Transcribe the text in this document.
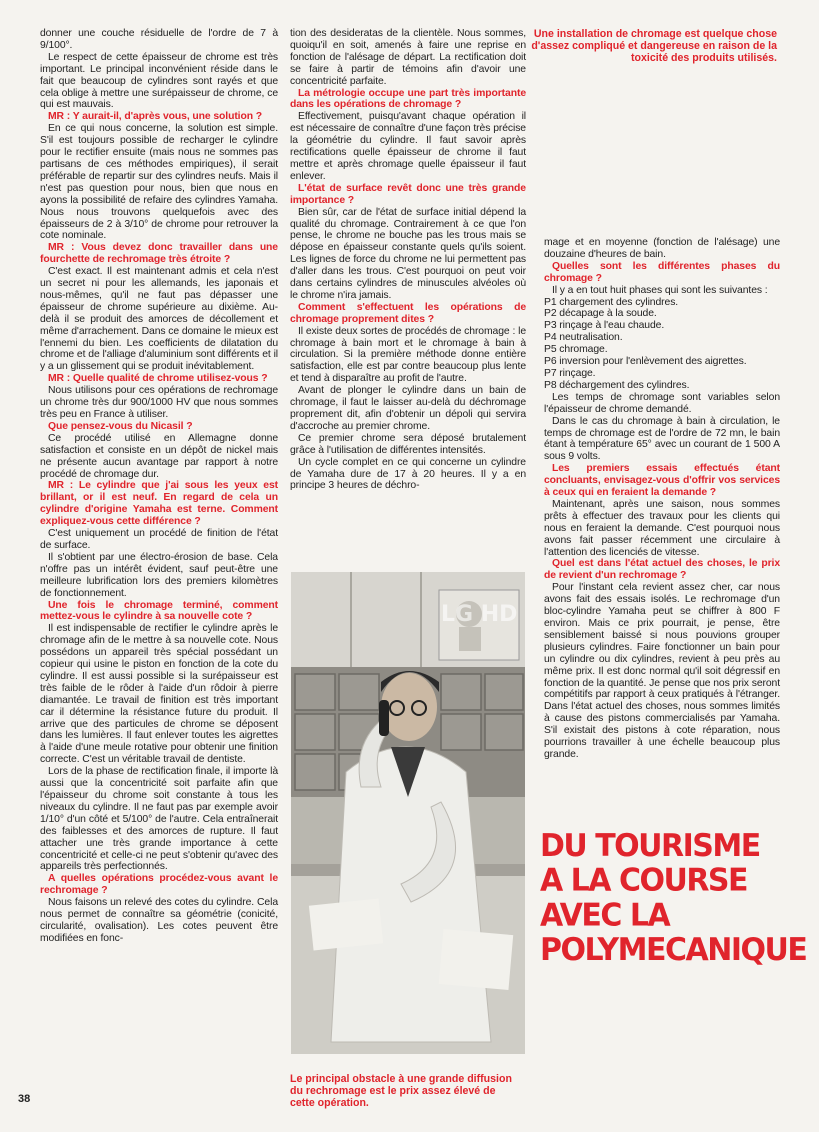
donner une couche résiduelle de l'ordre de 7 à 9/100°.

Le respect de cette épaisseur de chrome est très important. Le principal inconvénient réside dans le fait que beaucoup de cylindres sont rayés et que cela oblige à mettre une surépaisseur de chrome, ce qui est mauvais.

MR : Y aurait-il, d'après vous, une solution ?

En ce qui nous concerne, la solution est simple. S'il est toujours possible de recharger le cylindre pour le rectifier ensuite (mais nous ne sommes pas partisans de ces méthodes empiriques), il serait préférable de repartir sur des cylindres neufs. Mais il n'est pas question pour nous, bien que nous en ayons la possibilité de refaire des cylindres Yamaha. Nous nous trouvons quelquefois avec des épaisseurs de 2 à 3/10° de chrome pour retrouver la cote nominale.

MR : Vous devez donc travailler dans une fourchette de rechromage très étroite ?

C'est exact. Il est maintenant admis et cela n'est un secret ni pour les allemands, les japonais et nous-mêmes, qu'il ne faut pas dépasser une épaisseur de chrome supérieure au dixième. Au-delà il se produit des amorces de décollement et même d'arrachement. Dans ce domaine le mieux est l'ennemi du bien. Les coefficients de dilatation du chrome et de l'alliage d'aluminium sont différents et il y a un glissement qui se produit inévitablement.

MR : Quelle qualité de chrome utilisez-vous ?

Nous utilisons pour ces opérations de rechromage un chrome très dur 900/1000 HV que nous sommes très peu en France à utiliser.

Que pensez-vous du Nicasil ?

Ce procédé utilisé en Allemagne donne satisfaction et consiste en un dépôt de nickel mais ne présente aucun avantage par rapport à notre procédé de chromage dur.

MR : Le cylindre que j'ai sous les yeux est brillant, or il est neuf. En regard de cela un cylindre d'origine Yamaha est terne. Comment expliquez-vous cette différence ?

C'est uniquement un procédé de finition de l'état de surface.

Il s'obtient par une électro-érosion de base. Cela n'offre pas un intérêt évident, sauf peut-être une meilleure lubrification lors des premiers kilomètres de fonctionnement.

Une fois le chromage terminé, comment mettez-vous le cylindre à sa nouvelle cote ?

Il est indispensable de rectifier le cylindre après le chromage afin de le mettre à sa nouvelle cote. Nous possédons un appareil très spécial possédant un copieur qui usine le piston en fonction de la cote du cylindre. Il est aussi possible si la surépaisseur est très faible de le rôder à l'aide d'un rôdoir à pierre diamantée. Le travail de finition est très important car il détermine la résistance future du produit. Il arrive que des particules de chrome se déposent dans les lumières. Il faut enlever toutes les aigrettes à l'aide d'une meule rotative pour obtenir une finition correcte. C'est un véritable travail de dentiste.

Lors de la phase de rectification finale, il importe là aussi que la concentricité soit parfaite afin que l'épaisseur du chrome soit constante à tous les niveaux du cylindre. Il ne faut pas par exemple avoir 1/10° d'un côté et 5/100° de l'autre. Cela entraînerait des faiblesses et des amorces de rupture. Il faut attacher une très grande importance à cette concentricité et celle-ci ne peut s'obtenir qu'avec des appareils très perfectionnés.

A quelles opérations procédez-vous avant le rechromage ?

Nous faisons un relevé des cotes du cylindre. Cela nous permet de connaître sa géométrie (conicité, circularité, ovalisation). Les cotes peuvent être modifiées en fonc-

tion des desideratas de la clientèle. Nous sommes, quoiqu'il en soit, amenés à faire une reprise en fonction de l'alésage de départ. La rectification doit se faire à partir de témoins afin d'avoir une concentricité parfaite.

La métrologie occupe une part très importante dans les opérations de chromage ?

Effectivement, puisqu'avant chaque opération il est nécessaire de connaître d'une façon très précise la géométrie du cylindre. Il faut savoir après rectifications quelle épaisseur de chrome il faut mettre et après chromage quelle épaisseur il faut enlever.

L'état de surface revêt donc une très grande importance ?

Bien sûr, car de l'état de surface initial dépend la qualité du chromage. Contrairement à ce que l'on pense, le chrome ne bouche pas les trous mais se dépose en épaisseur constante quels qu'ils soient. Les lignes de force du chrome ne lui permettent pas d'aller dans les trous. C'est pourquoi on peut voir dans certains cylindres de minuscules alvéoles où le chrome n'ira jamais.

Comment s'effectuent les opérations de chromage proprement dites ?

Il existe deux sortes de procédés de chromage : le chromage à bain mort et le chromage à bain à circulation. Si la première méthode donne entière satisfaction, elle est par contre beaucoup plus lente et tend à disparaître au profit de l'autre.

Avant de plonger le cylindre dans un bain de chromage, il faut le laisser au-delà du déchromage proprement dit, afin d'obtenir un dépoli qui servira d'accroche au premier chrome.

Ce premier chrome sera déposé brutalement grâce à l'utilisation de différentes intensités.

Un cycle complet en ce qui concerne un cylindre de Yamaha dure de 17 à 20 heures. Il y a en principe 3 heures de déchro-

LG HD
Une installation de chromage est quelque chose d'assez compliqué et dangereuse en raison de la toxicité des produits utilisés.
Le principal obstacle à une grande diffusion du rechromage est le prix assez élevé de cette opération.

mage et en moyenne (fonction de l'alésage) une douzaine d'heures de bain.

Quelles sont les différentes phases du chromage ?

Il y a en tout huit phases qui sont les suivantes :

P1 chargement des cylindres.
P2 décapage à la soude.
P3 rinçage à l'eau chaude.
P4 neutralisation.
P5 chromage.
P6 inversion pour l'enlèvement des aigrettes.
P7 rinçage.
P8 déchargement des cylindres.

Les temps de chromage sont variables selon l'épaisseur de chrome demandé.

Dans le cas du chromage à bain à circulation, le temps de chromage est de l'ordre de 72 mn, le bain étant à température 65° avec un courant de 1 500 A sous 9 volts.

Les premiers essais effectués étant concluants, envisagez-vous d'offrir vos services à ceux qui en feraient la demande ?

Maintenant, après une saison, nous sommes prêts à effectuer des travaux pour les clients qui nous en feraient la demande. C'est pourquoi nous avons fait passer récemment une circulaire à l'attention des licenciés de vitesse.

Quel est dans l'état actuel des choses, le prix de revient d'un rechromage ?

Pour l'instant cela revient assez cher, car nous avons fait des essais isolés. Le rechromage d'un bloc-cylindre Yamaha peut se chiffrer à 800 F environ. Mais ce prix pourrait, je pense, être sensiblement baissé si nous pouvions grouper plusieurs cylindres. Faire fonctionner un bain pour un cylindre ou dix cylindres, revient à peu près au même prix. Il est donc normal qu'il soit dégressif en fonction de la quantité. Je pense que nos prix seront compétitifs par rapport à ceux pratiqués à l'étranger. Dans l'état actuel des choses, nous sommes limités à cause des pistons commercialisés par Yamaha. S'il existait des pistons à cote réparation, nous pourrions travailler à une échelle beaucoup plus grande.

DU TOURISME
A LA COURSE
AVEC LA
POLYMECANIQUE
38
